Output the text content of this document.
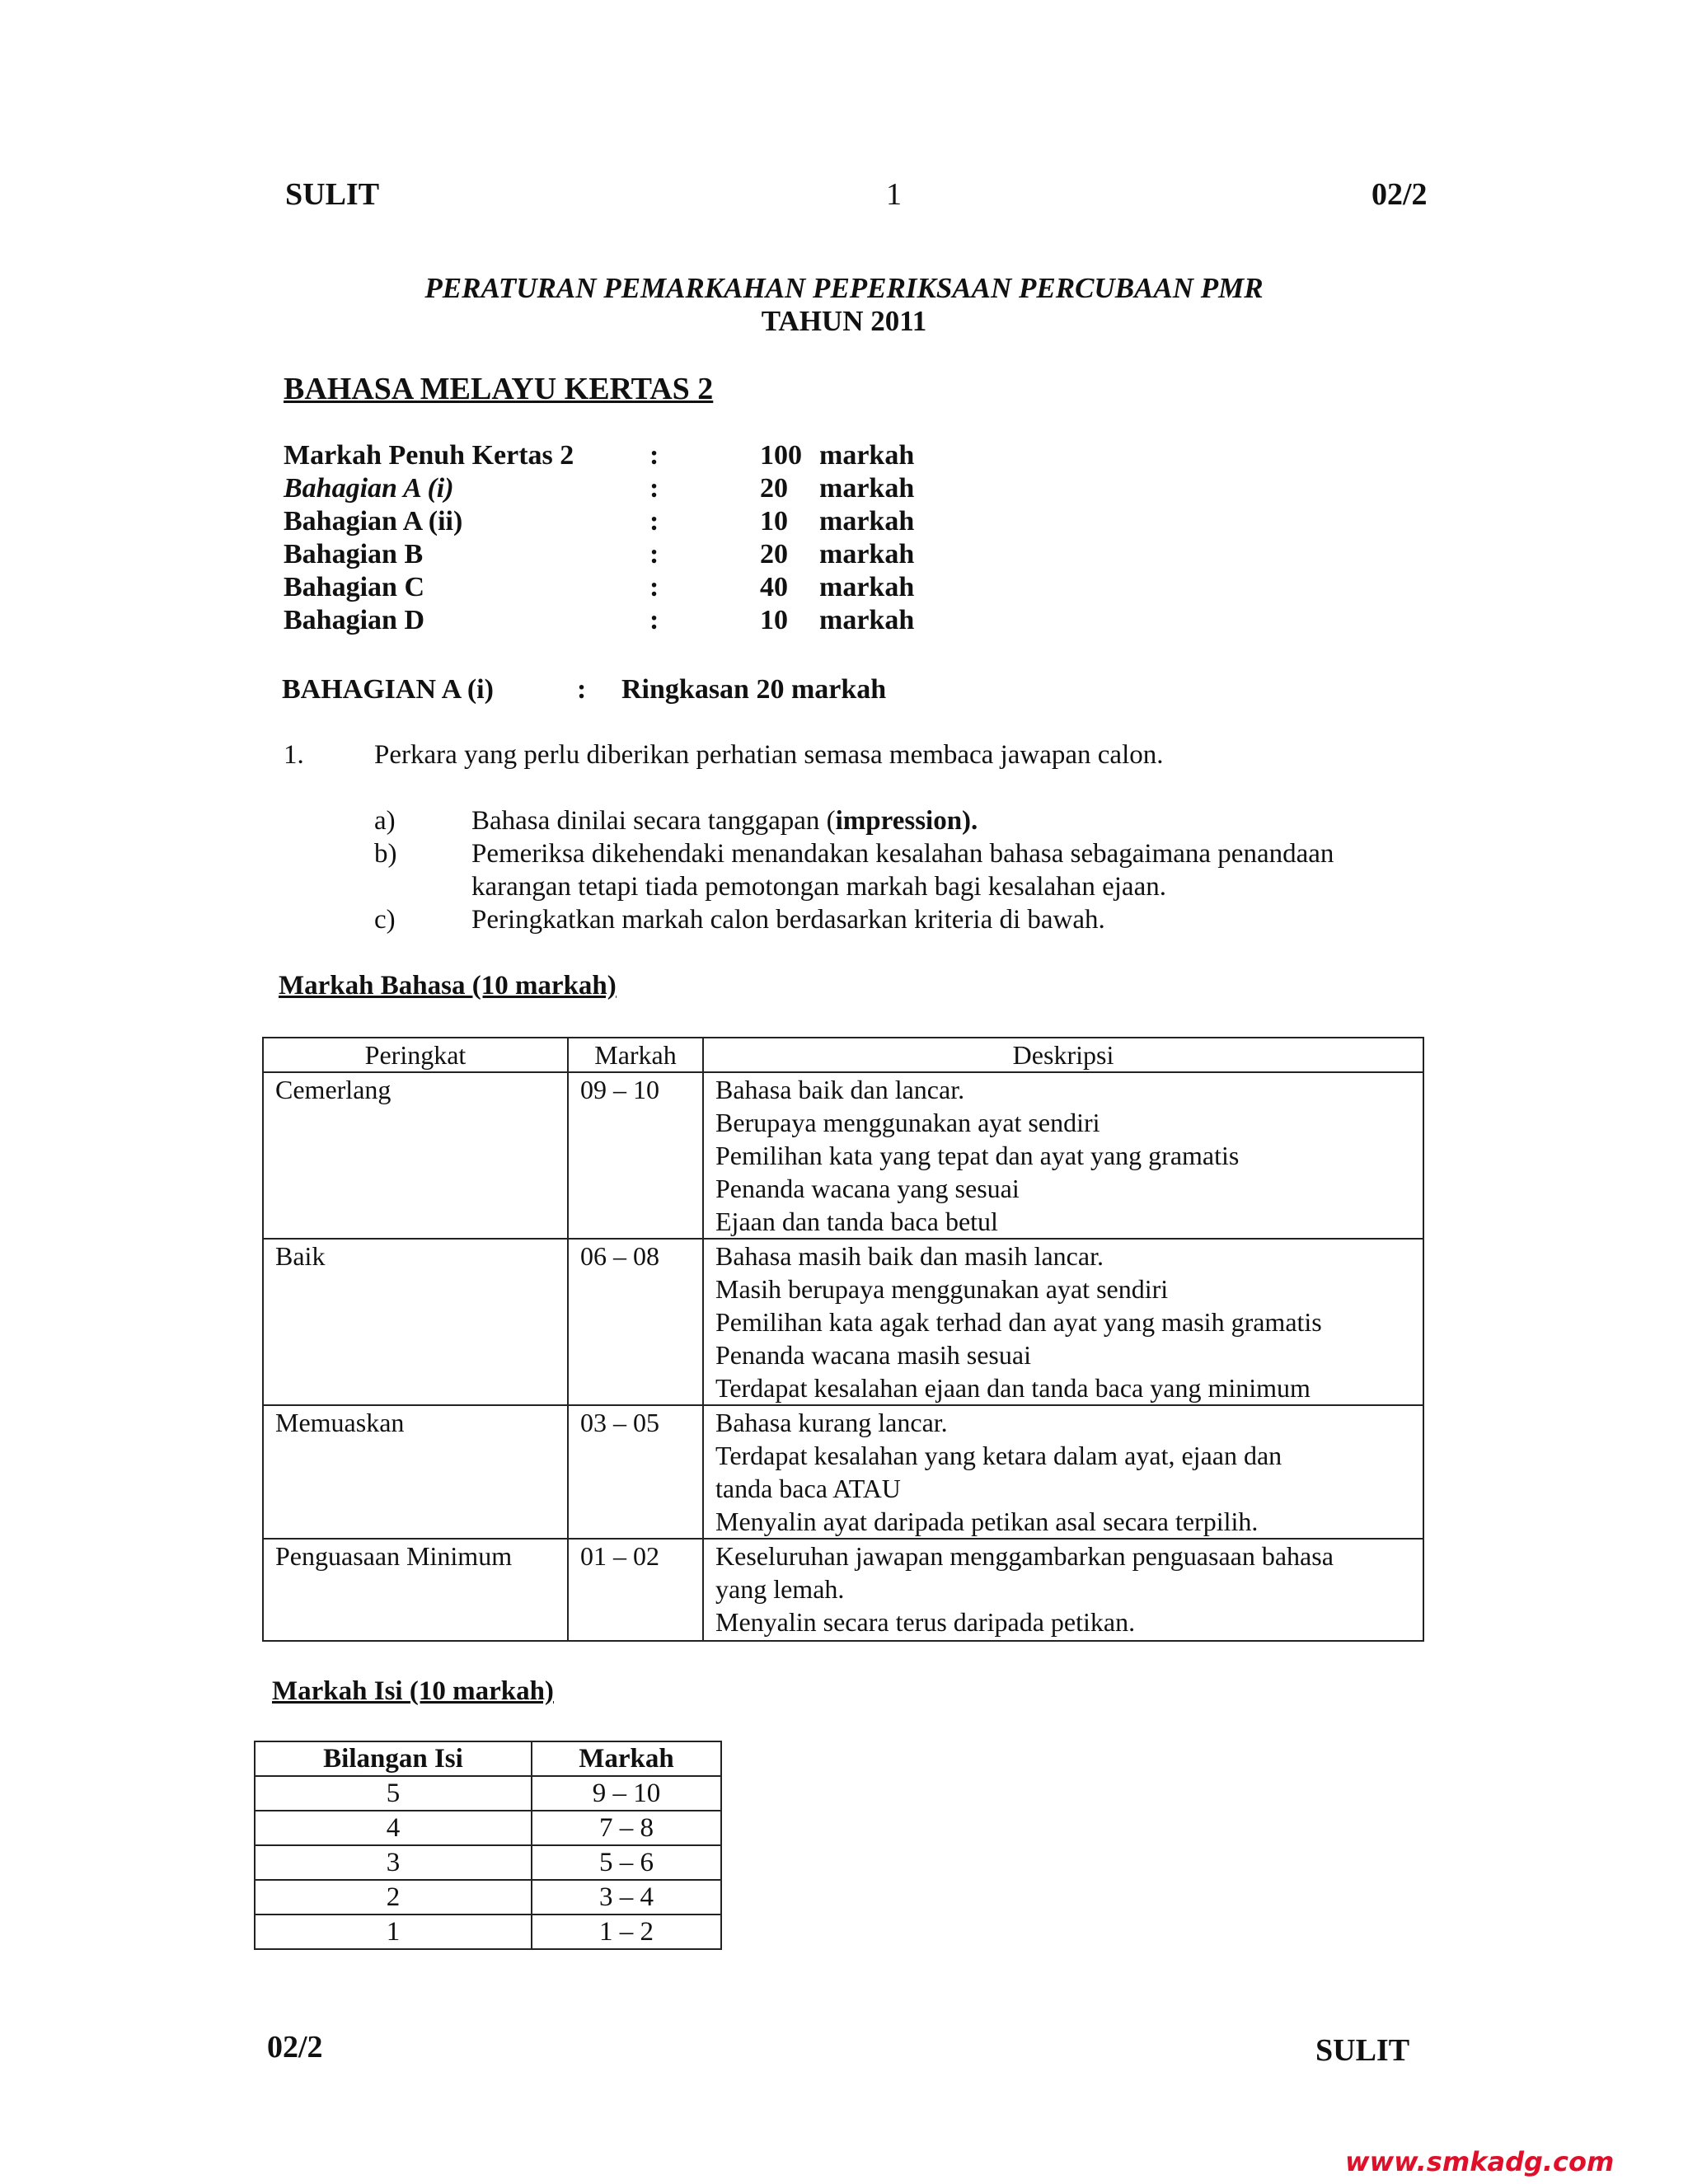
SULIT	1	02/2
PERATURAN PEMARKAHAN PEPERIKSAAN PERCUBAAN PMR
TAHUN 2011
BAHASA MELAYU KERTAS 2
Markah Penuh Kertas 2	:	100 markah
Bahagian A (i)	:	20 markah
Bahagian A (ii)	:	10 markah
Bahagian B	:	20 markah
Bahagian C	:	40 markah
Bahagian D	:	10 markah
BAHAGIAN A (i)	: Ringkasan 20 markah
1.	Perkara yang perlu diberikan perhatian semasa membaca jawapan calon.
a)	Bahasa dinilai secara tanggapan (impression).
b)	Pemeriksa dikehendaki menandakan kesalahan bahasa sebagaimana penandaan
karangan tetapi tiada pemotongan markah bagi kesalahan ejaan.
c)	Peringkatkan markah calon berdasarkan kriteria di bawah.
Markah Bahasa (10 markah)
Peringkat	Markah	Deskripsi
Cemerlang	09 – 10	Bahasa baik dan lancar.
Berupaya menggunakan ayat sendiri
Pemilihan kata yang tepat dan ayat yang gramatis
Penanda wacana yang sesuai
Ejaan dan tanda baca betul

Baik	06 – 08	Bahasa masih baik dan masih lancar.
Masih berupaya menggunakan ayat sendiri
Pemilihan kata agak terhad dan ayat yang masih gramatis
Penanda wacana masih sesuai
Terdapat kesalahan ejaan dan tanda baca yang minimum

Memuaskan	03 – 05	Bahasa kurang lancar.
Terdapat kesalahan yang ketara dalam ayat, ejaan dan
tanda baca ATAU
Menyalin ayat daripada petikan asal secara terpilih.

Penguasaan Minimum	01 – 02	Keseluruhan jawapan menggambarkan penguasaan bahasa
yang lemah.
Menyalin secara terus daripada petikan.
Markah Isi (10 markah)
Bilangan Isi	Markah
5	9 – 10
4	7 – 8
3	5 – 6
2	3 – 4
1	1 – 2
02/2	SULIT
www.smkadg.com
